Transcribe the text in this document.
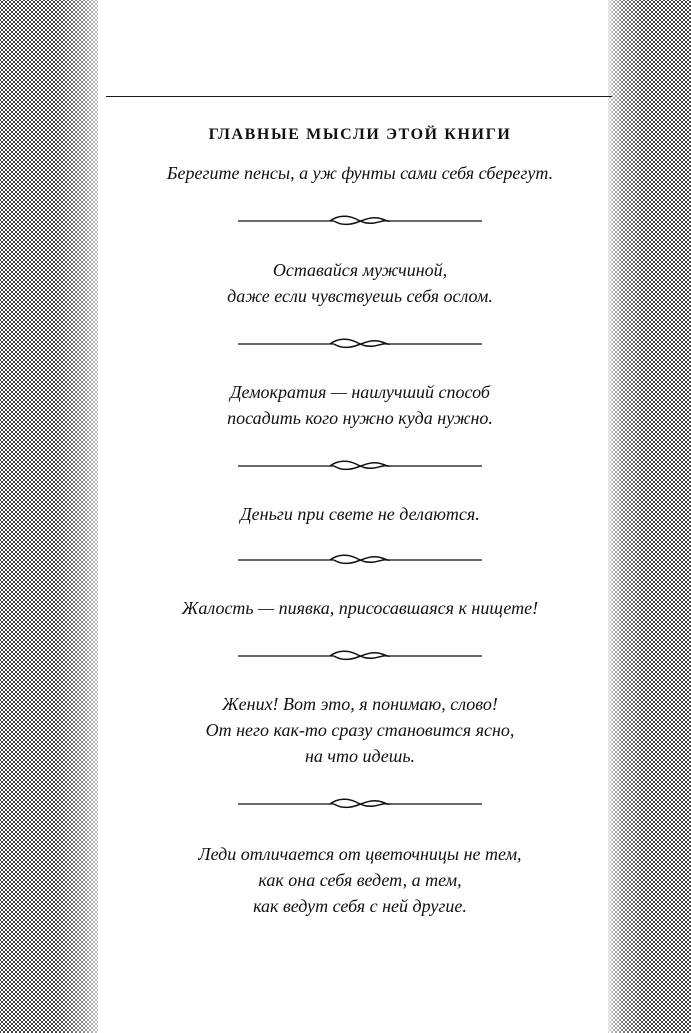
ГЛАВНЫЕ МЫСЛИ ЭТОЙ КНИГИ
Берегите пенсы, а уж фунты сами себя сберегут.
Оставайся мужчиной,
даже если чувствуешь себя ослом.
Демократия — наилучший способ
посадить кого нужно куда нужно.
Деньги при свете не делаются.
Жалость — пиявка, присосавшаяся к нищете!
Жених! Вот это, я понимаю, слово!
От него как-то сразу становится ясно,
на что идешь.
Леди отличается от цветочницы не тем,
как она себя ведет, а тем,
как ведут себя с ней другие.
